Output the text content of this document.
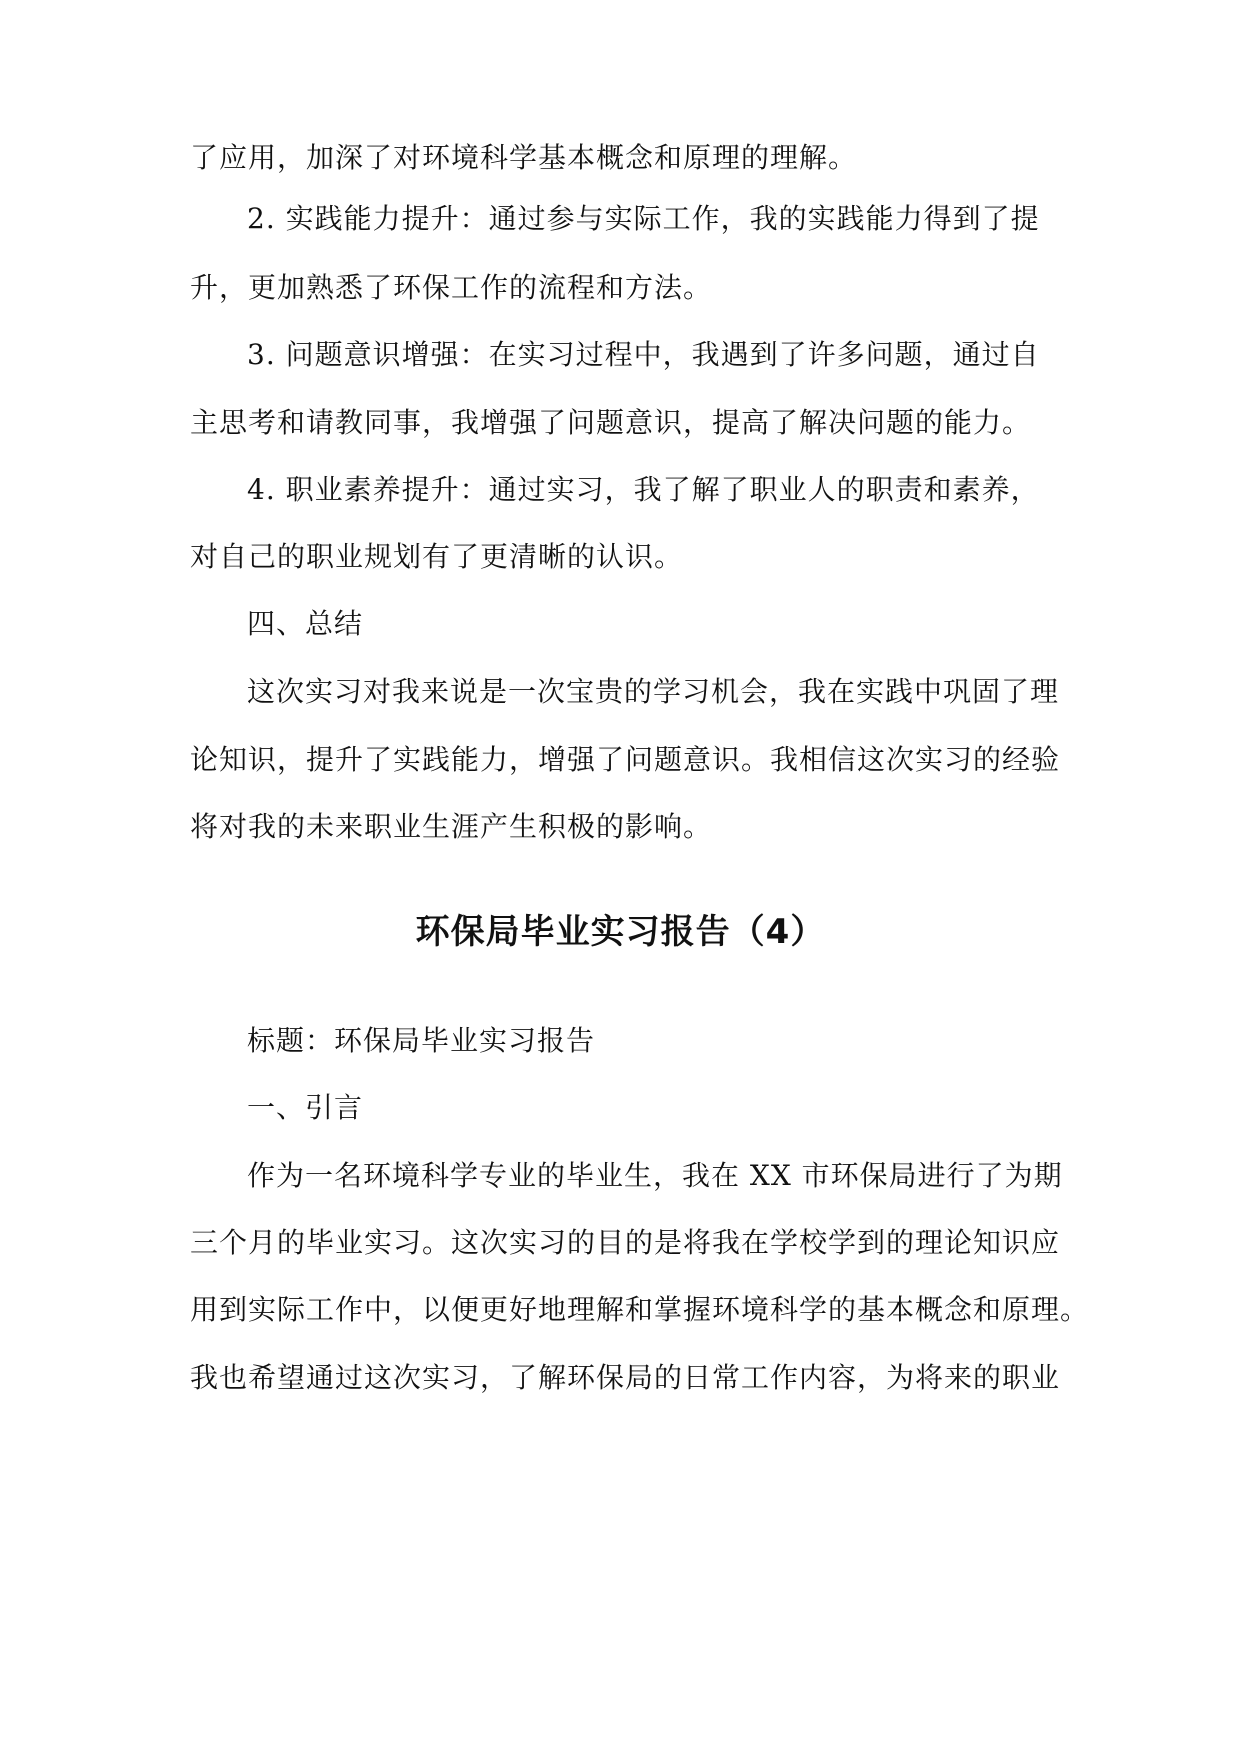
了应用，加深了对环境科学基本概念和原理的理解。
2. 实践能力提升：通过参与实际工作，我的实践能力得到了提
升，更加熟悉了环保工作的流程和方法。
3. 问题意识增强：在实习过程中，我遇到了许多问题，通过自
主思考和请教同事，我增强了问题意识，提高了解决问题的能力。
4. 职业素养提升：通过实习，我了解了职业人的职责和素养，
对自己的职业规划有了更清晰的认识。
四、总结
这次实习对我来说是一次宝贵的学习机会，我在实践中巩固了理
论知识，提升了实践能力，增强了问题意识。我相信这次实习的经验
将对我的未来职业生涯产生积极的影响。
环保局毕业实习报告（4）
标题：环保局毕业实习报告
一、引言
作为一名环境科学专业的毕业生，我在 XX 市环保局进行了为期
三个月的毕业实习。这次实习的目的是将我在学校学到的理论知识应
用到实际工作中，以便更好地理解和掌握环境科学的基本概念和原理。
我也希望通过这次实习，了解环保局的日常工作内容，为将来的职业
